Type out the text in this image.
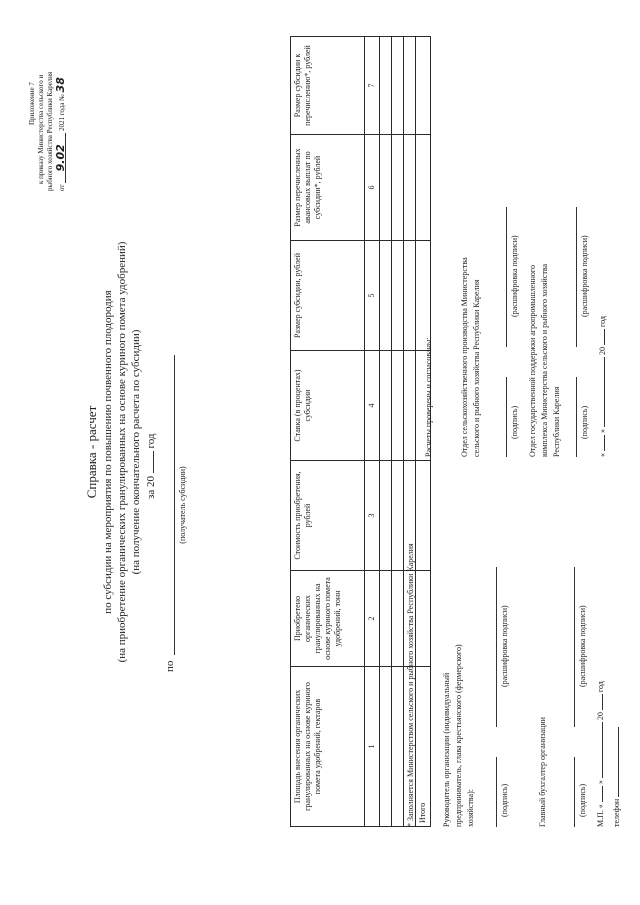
Приложение 7 к приказу Министерства сельского и рыбного хозяйства Республики Карелия от 9.02 2021 года № 38
Справка - расчет по субсидии на мероприятия по повышению почвенного плодородия (на приобретение органических гранулированных на основе куриного помета удобрений) (на получение окончательного расчета по субсидии) за 20  год
по
(получатель субсидии)
Площадь внесения органических гранулированных на основе куриного помета удобрений, гектаров	Приобретено органических гранулированных на основе куриного помета удобрений, тонн	Стоимость приобретения, рублей	Ставка (в процентах) субсидии	Размер субсидии, рублей	Размер перечисленных авансовых выплат по субсидии*, рублей	Размер субсидии к перечислению*, рублей
1	2	3	4	5	6	7

Итого						
* Заполняется Министерством сельского и рыбного хозяйства Республики Карелия	Руководитель организации (индивидуальный предприниматель, глава крестьянского (фермерского) хозяйства):	(подпись)
(расшифровка подписи)
Главный бухгалтер организации	(подпись)
(расшифровка подписи)
М.П. «  »  20  год
телефон
Расчеты проверены и согласованы:	Отдел сельскохозяйственного производства Министерства сельского и рыбного хозяйства Республики Карелия	(подпись)
(расшифровка подписи) Отдел государственной поддержки агропромышленного комплекса Министерства сельского и рыбного хозяйства Республики Карелия (подпись)
(расшифровка подписи)
«  »  20  год
